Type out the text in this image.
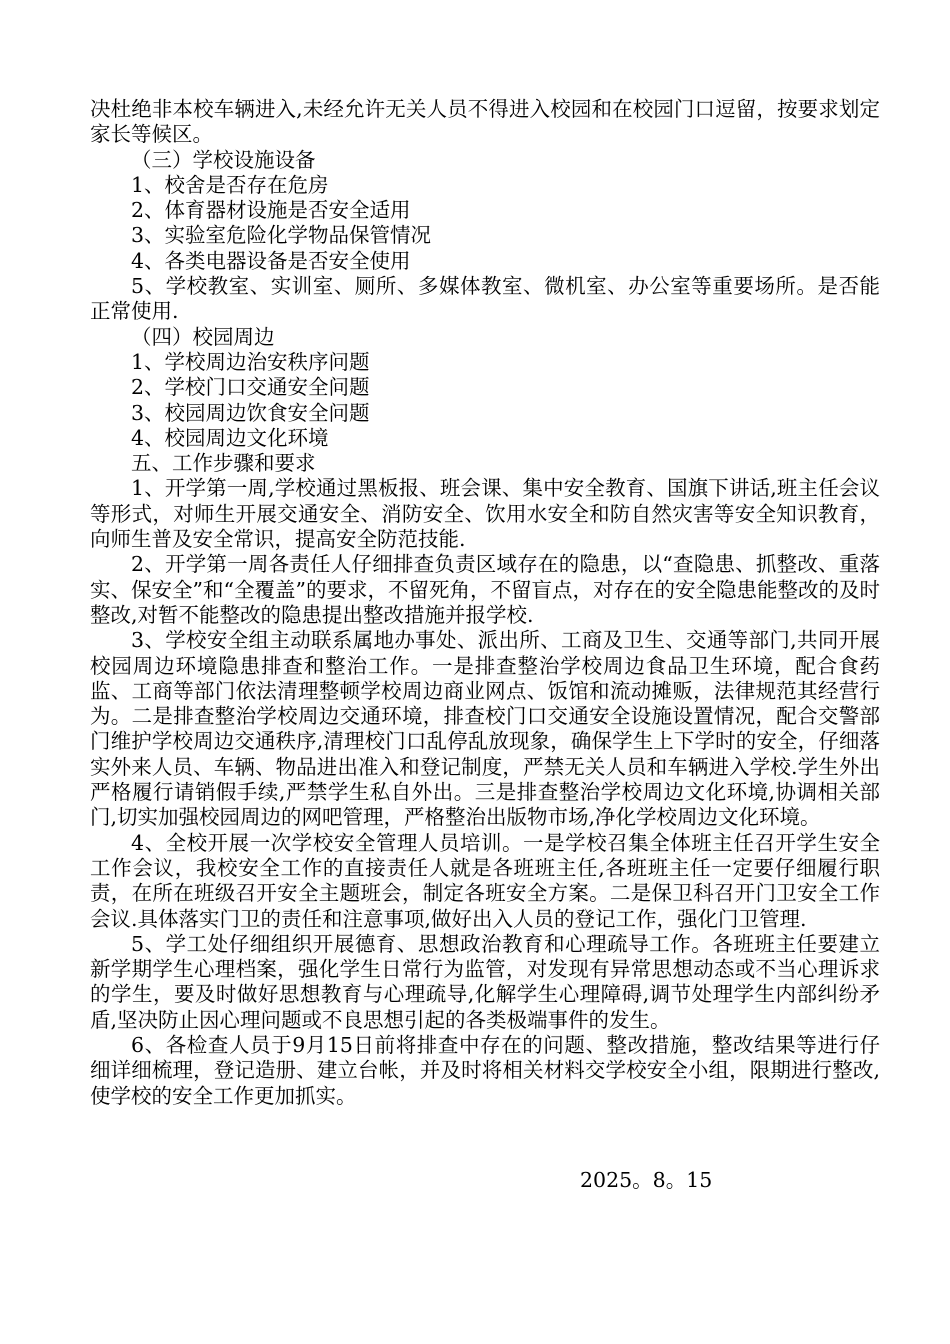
决杜绝非本校车辆进入,未经允许无关人员不得进入校园和在校园门口逗留，按要求划定家长等候区。

（三）学校设施设备

1、校舍是否存在危房

2、体育器材设施是否安全适用

3、实验室危险化学物品保管情况

4、各类电器设备是否安全使用

5、学校教室、实训室、厕所、多媒体教室、微机室、办公室等重要场所。是否能正常使用.

（四）校园周边

1、学校周边治安秩序问题

2、学校门口交通安全问题

3、校园周边饮食安全问题

4、校园周边文化环境

五、工作步骤和要求

1、开学第一周,学校通过黑板报、班会课、集中安全教育、国旗下讲话,班主任会议等形式，对师生开展交通安全、消防安全、饮用水安全和防自然灾害等安全知识教育，向师生普及安全常识，提高安全防范技能.

2、开学第一周各责任人仔细排查负责区域存在的隐患，以“查隐患、抓整改、重落实、保安全”和“全覆盖”的要求，不留死角，不留盲点，对存在的安全隐患能整改的及时整改,对暂不能整改的隐患提出整改措施并报学校.

3、学校安全组主动联系属地办事处、派出所、工商及卫生、交通等部门,共同开展校园周边环境隐患排查和整治工作。一是排查整治学校周边食品卫生环境，配合食药监、工商等部门依法清理整顿学校周边商业网点、饭馆和流动摊贩，法律规范其经营行为。二是排查整治学校周边交通环境，排查校门口交通安全设施设置情况，配合交警部门维护学校周边交通秩序,清理校门口乱停乱放现象，确保学生上下学时的安全，仔细落实外来人员、车辆、物品进出准入和登记制度，严禁无关人员和车辆进入学校.学生外出严格履行请销假手续,严禁学生私自外出。三是排查整治学校周边文化环境,协调相关部门,切实加强校园周边的网吧管理，严格整治出版物市场,净化学校周边文化环境。

4、全校开展一次学校安全管理人员培训。一是学校召集全体班主任召开学生安全工作会议，我校安全工作的直接责任人就是各班班主任,各班班主任一定要仔细履行职责，在所在班级召开安全主题班会，制定各班安全方案。二是保卫科召开门卫安全工作会议.具体落实门卫的责任和注意事项,做好出入人员的登记工作，强化门卫管理.

5、学工处仔细组织开展德育、思想政治教育和心理疏导工作。各班班主任要建立新学期学生心理档案，强化学生日常行为监管，对发现有异常思想动态或不当心理诉求的学生，要及时做好思想教育与心理疏导,化解学生心理障碍,调节处理学生内部纠纷矛盾,坚决防止因心理问题或不良思想引起的各类极端事件的发生。

6、各检查人员于9月15日前将排查中存在的问题、整改措施，整改结果等进行仔细详细梳理，登记造册、建立台帐，并及时将相关材料交学校安全小组，限期进行整改,使学校的安全工作更加抓实。

2025。8。15
